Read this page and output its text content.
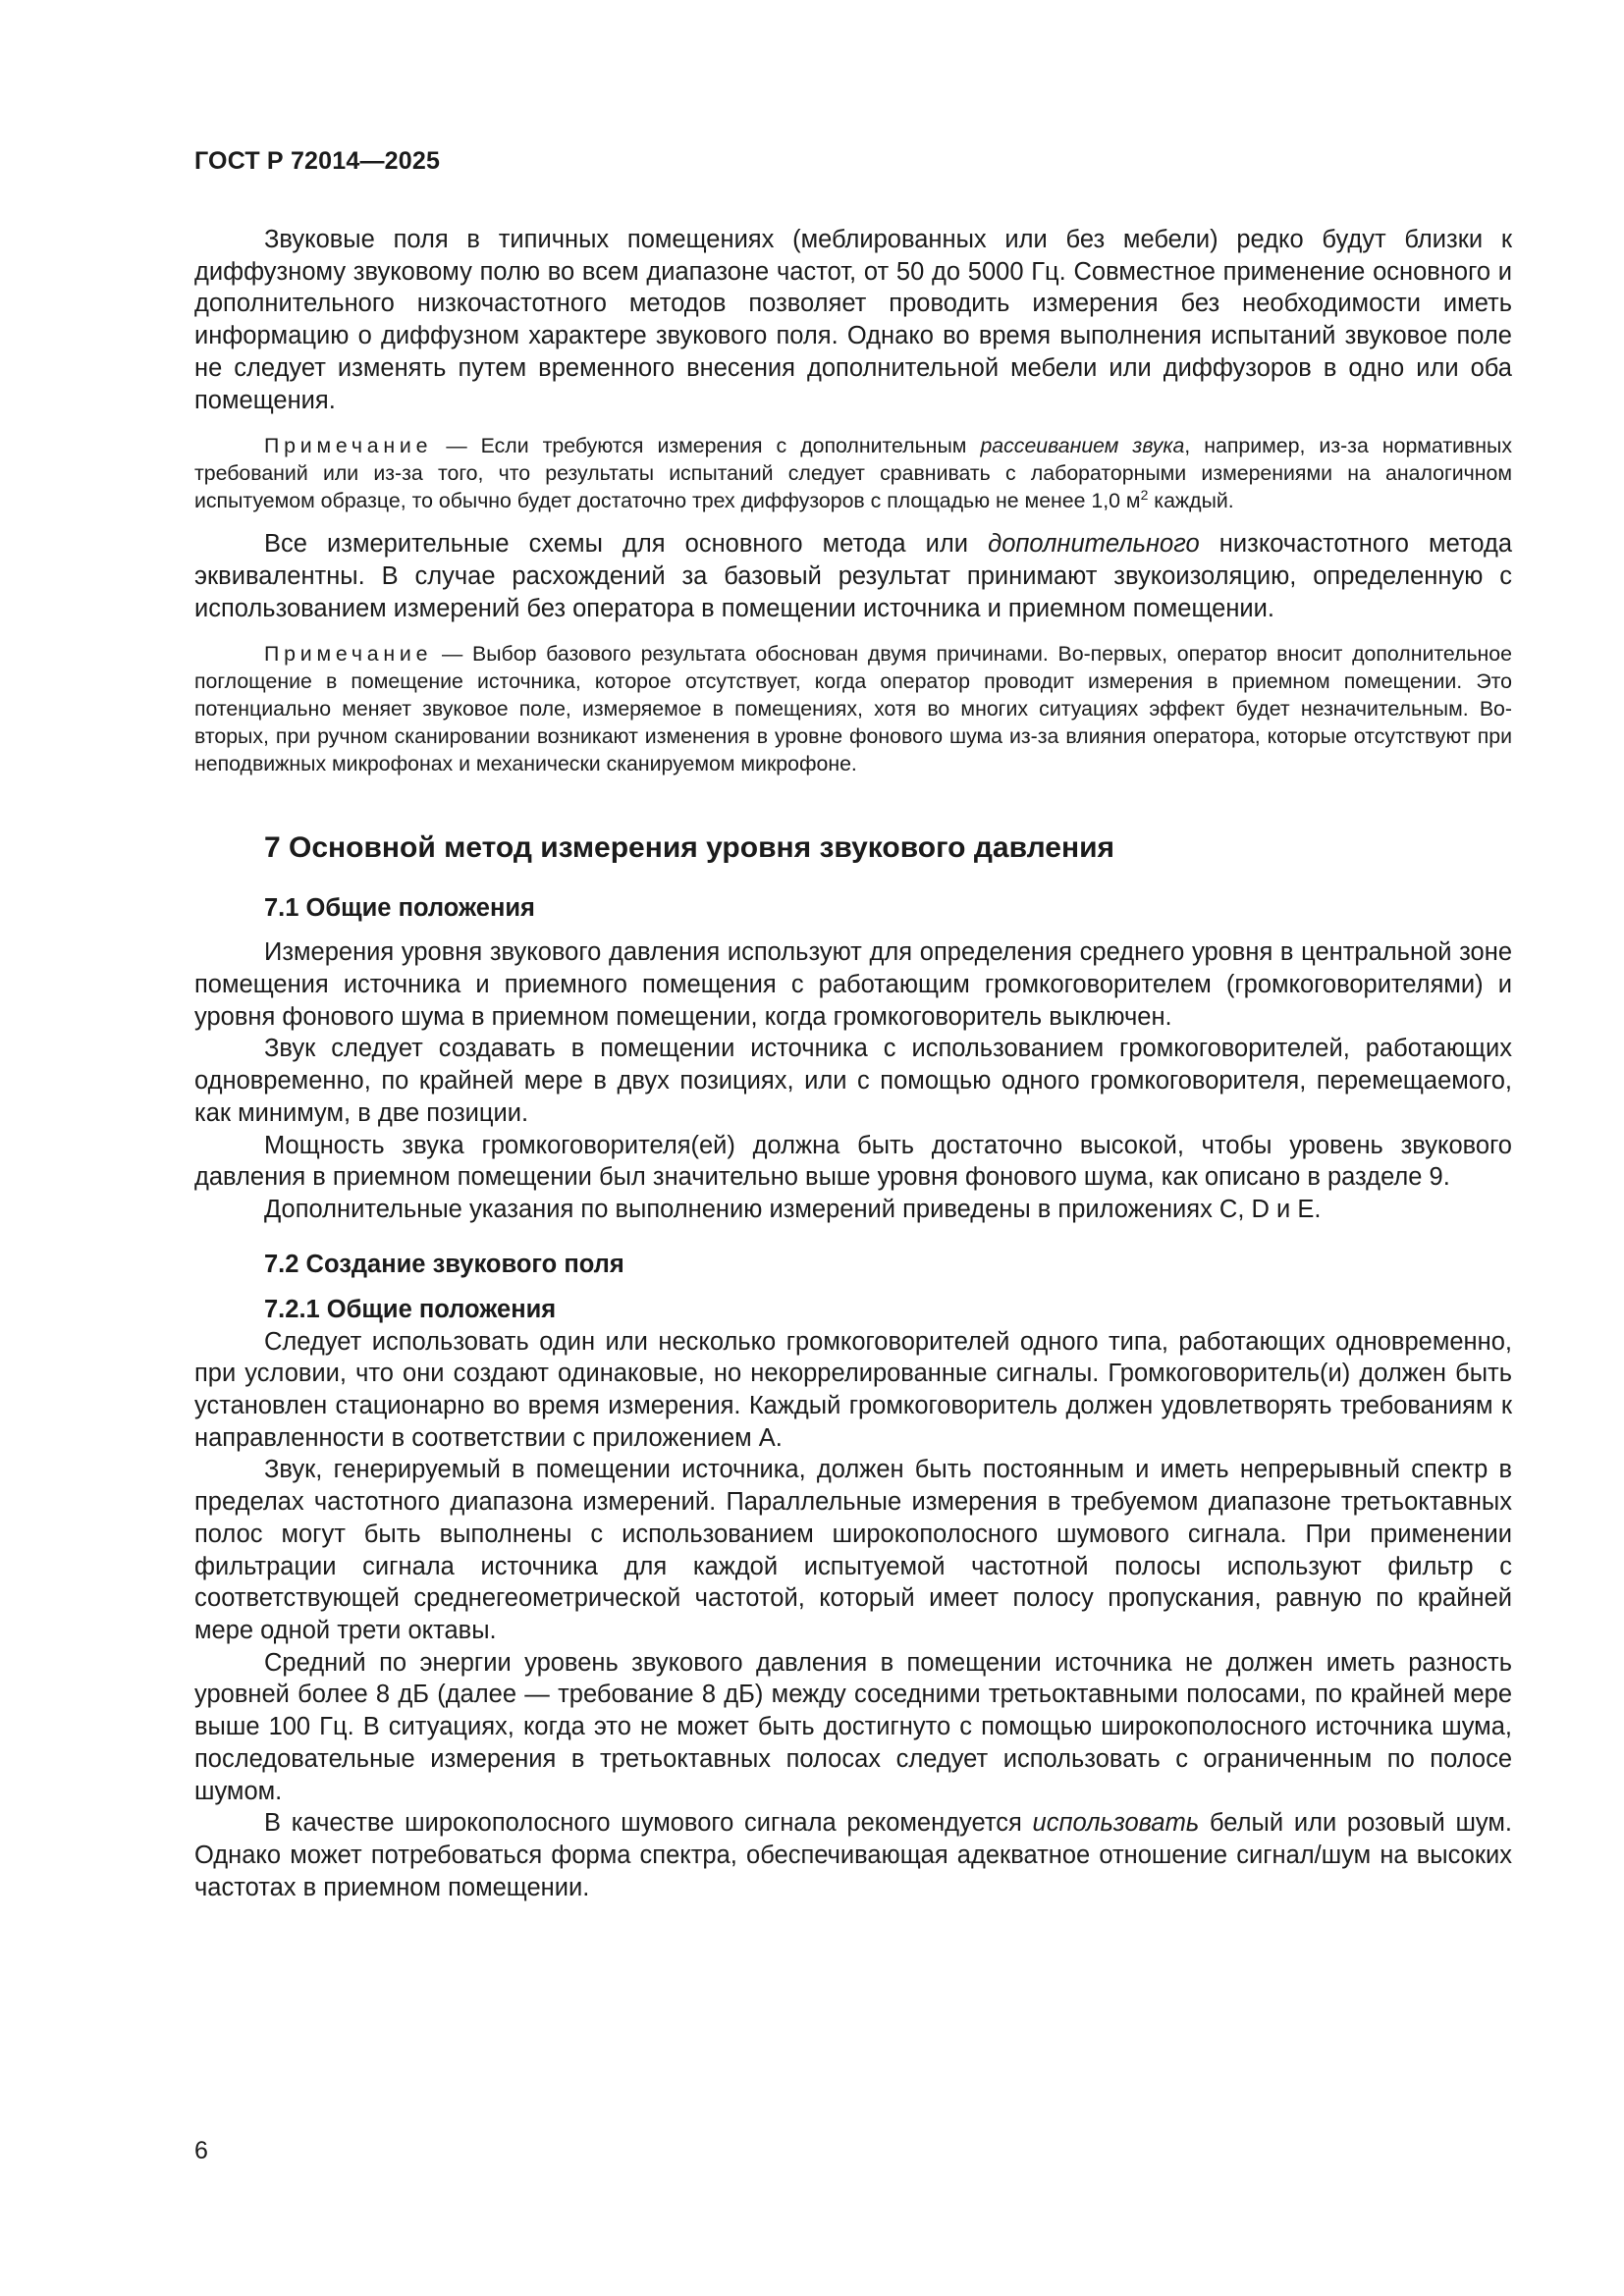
ГОСТ Р 72014—2025

Звуковые поля в типичных помещениях (меблированных или без мебели) редко будут близки к диффузному звуковому полю во всем диапазоне частот, от 50 до 5000 Гц. Совместное применение основного и дополнительного низкочастотного методов позволяет проводить измерения без необходимости иметь информацию о диффузном характере звукового поля. Однако во время выполнения испытаний звуковое поле не следует изменять путем временного внесения дополнительной мебели или диффузоров в одно или оба помещения.

Примечание — Если требуются измерения с дополнительным рассеиванием звука, например, из-за нормативных требований или из-за того, что результаты испытаний следует сравнивать с лабораторными измерениями на аналогичном испытуемом образце, то обычно будет достаточно трех диффузоров с площадью не менее 1,0 $м^2$ каждый.

Все измерительные схемы для основного метода или дополнительного низкочастотного метода эквивалентны. В случае расхождений за базовый результат принимают звукоизоляцию, определенную с использованием измерений без оператора в помещении источника и приемном помещении.

Примечание — Выбор базового результата обоснован двумя причинами. Во-первых, оператор вносит дополнительное поглощение в помещение источника, которое отсутствует, когда оператор проводит измерения в приемном помещении. Это потенциально меняет звуковое поле, измеряемое в помещениях, хотя во многих ситуациях эффект будет незначительным. Во-вторых, при ручном сканировании возникают изменения в уровне фонового шума из-за влияния оператора, которые отсутствуют при неподвижных микрофонах и механически сканируемом микрофоне.

7 Основной метод измерения уровня звукового давления
7.1 Общие положения

Измерения уровня звукового давления используют для определения среднего уровня в центральной зоне помещения источника и приемного помещения с работающим громкоговорителем (громкоговорителями) и уровня фонового шума в приемном помещении, когда громкоговоритель выключен.

Звук следует создавать в помещении источника с использованием громкоговорителей, работающих одновременно, по крайней мере в двух позициях, или с помощью одного громкоговорителя, перемещаемого, как минимум, в две позиции.

Мощность звука громкоговорителя(ей) должна быть достаточно высокой, чтобы уровень звукового давления в приемном помещении был значительно выше уровня фонового шума, как описано в разделе 9.

Дополнительные указания по выполнению измерений приведены в приложениях C, D и E.

7.2 Создание звукового поля
7.2.1 Общие положения

Следует использовать один или несколько громкоговорителей одного типа, работающих одновременно, при условии, что они создают одинаковые, но некоррелированные сигналы. Громкоговоритель(и) должен быть установлен стационарно во время измерения. Каждый громкоговоритель должен удовлетворять требованиям к направленности в соответствии с приложением А.

Звук, генерируемый в помещении источника, должен быть постоянным и иметь непрерывный спектр в пределах частотного диапазона измерений. Параллельные измерения в требуемом диапазоне третьоктавных полос могут быть выполнены с использованием широкополосного шумового сигнала. При применении фильтрации сигнала источника для каждой испытуемой частотной полосы используют фильтр с соответствующей среднегеометрической частотой, который имеет полосу пропускания, равную по крайней мере одной трети октавы.

Средний по энергии уровень звукового давления в помещении источника не должен иметь разность уровней более 8 дБ (далее — требование 8 дБ) между соседними третьоктавными полосами, по крайней мере выше 100 Гц. В ситуациях, когда это не может быть достигнуто с помощью широкополосного источника шума, последовательные измерения в третьоктавных полосах следует использовать с ограниченным по полосе шумом.

В качестве широкополосного шумового сигнала рекомендуется использовать белый или розовый шум. Однако может потребоваться форма спектра, обеспечивающая адекватное отношение сигнал/шум на высоких частотах в приемном помещении.

6
